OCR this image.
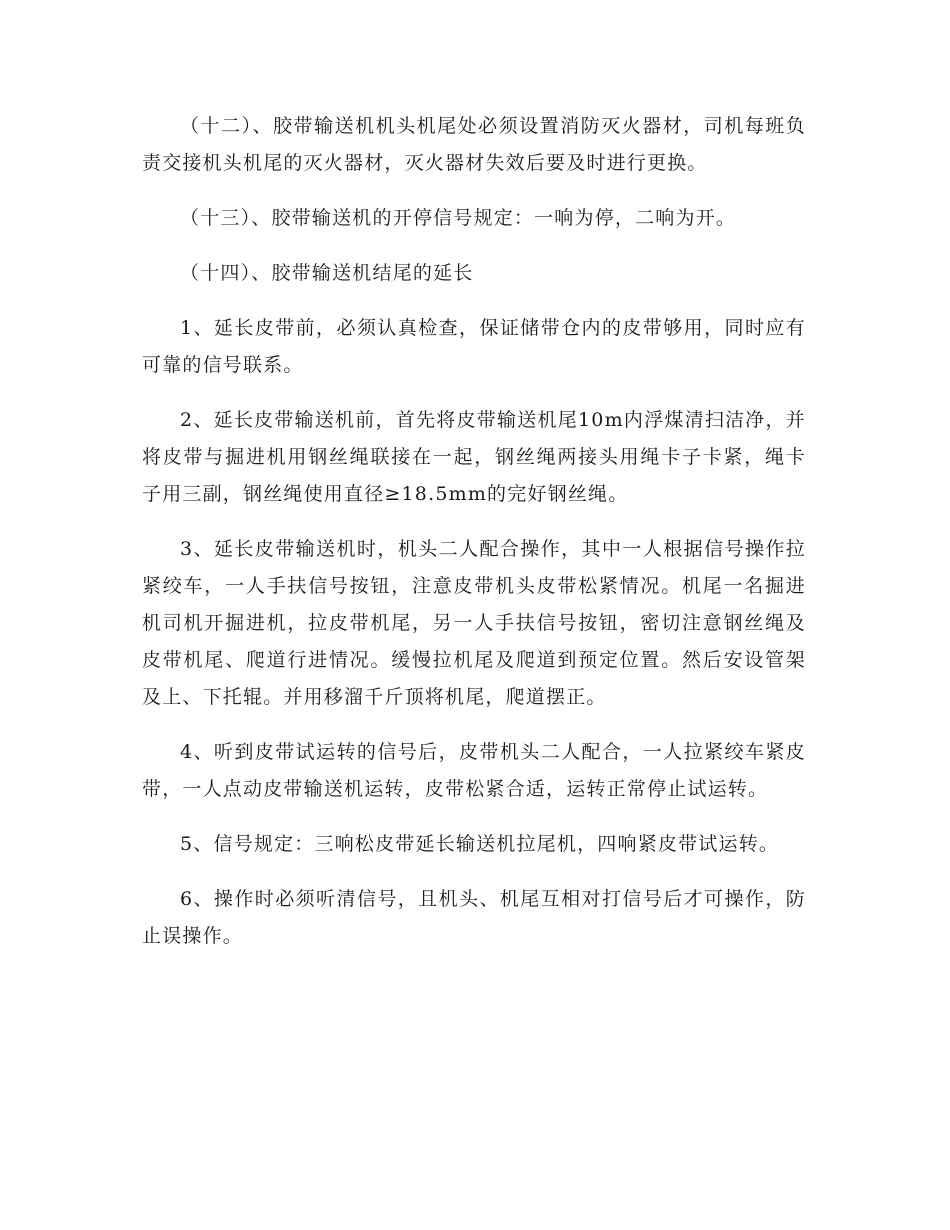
（十二）、胶带输送机机头机尾处必须设置消防灭火器材，司机每班负责交接机头机尾的灭火器材，灭火器材失效后要及时进行更换。

（十三）、胶带输送机的开停信号规定：一响为停，二响为开。

（十四）、胶带输送机结尾的延长

1、延长皮带前，必须认真检查，保证储带仓内的皮带够用，同时应有可靠的信号联系。

2、延长皮带输送机前，首先将皮带输送机尾10m内浮煤清扫洁净，并将皮带与掘进机用钢丝绳联接在一起，钢丝绳两接头用绳卡子卡紧，绳卡子用三副，钢丝绳使用直径≥18.5mm的完好钢丝绳。

3、延长皮带输送机时，机头二人配合操作，其中一人根据信号操作拉紧绞车，一人手扶信号按钮，注意皮带机头皮带松紧情况。机尾一名掘进机司机开掘进机，拉皮带机尾，另一人手扶信号按钮，密切注意钢丝绳及皮带机尾、爬道行进情况。缓慢拉机尾及爬道到预定位置。然后安设管架及上、下托辊。并用移溜千斤顶将机尾，爬道摆正。

4、听到皮带试运转的信号后，皮带机头二人配合，一人拉紧绞车紧皮带，一人点动皮带输送机运转，皮带松紧合适，运转正常停止试运转。

5、信号规定：三响松皮带延长输送机拉尾机，四响紧皮带试运转。

6、操作时必须听清信号，且机头、机尾互相对打信号后才可操作，防止误操作。
